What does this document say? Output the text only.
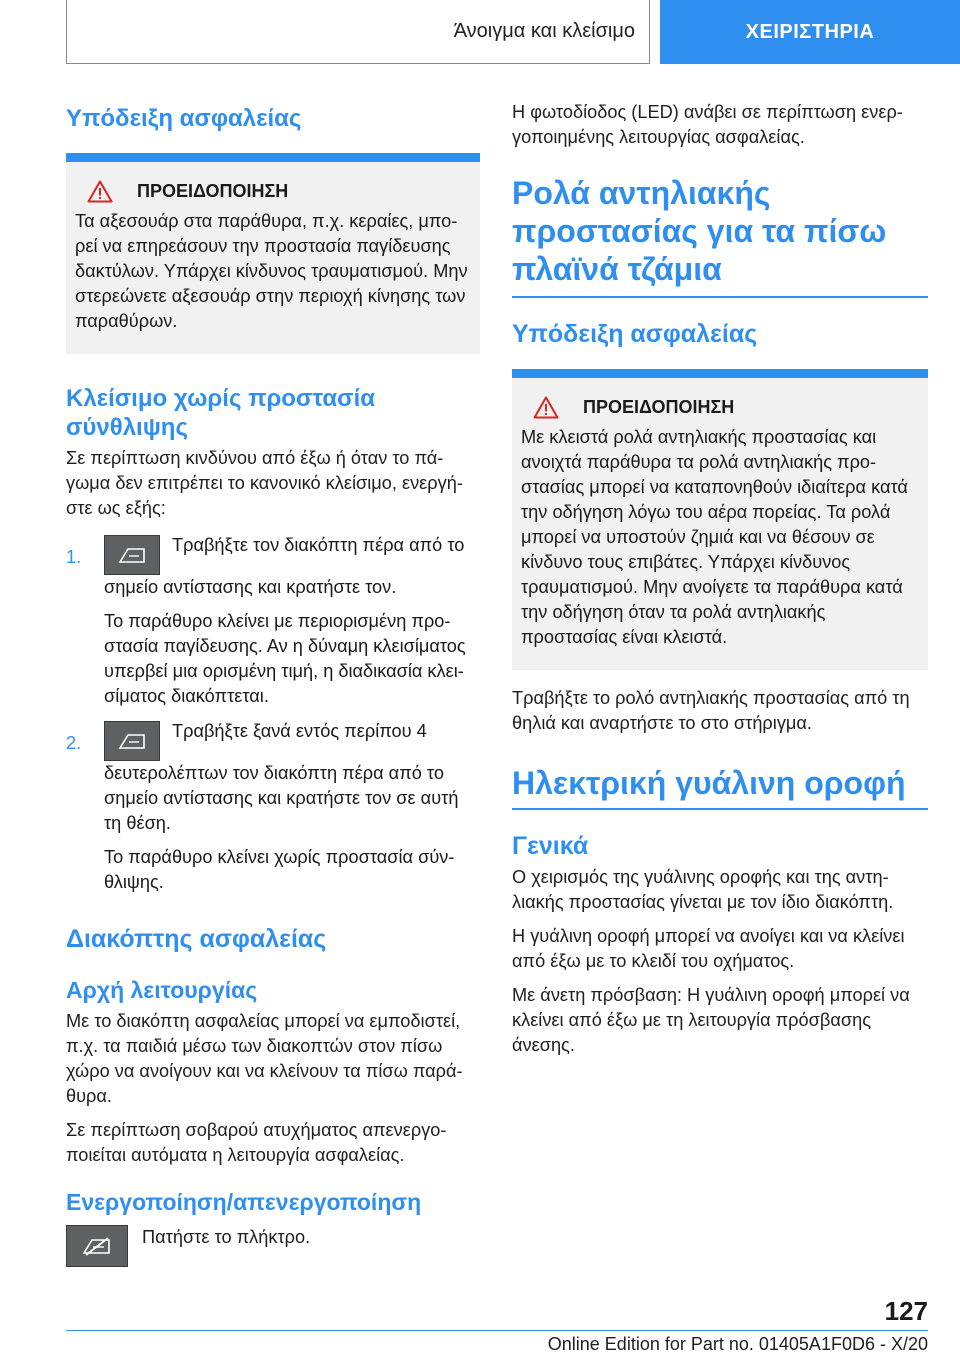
Άνοιγμα και κλείσιμο	ΧΕΙΡΙΣΤΗΡΙΑ
Υπόδειξη ασφαλείας
ΠΡΟΕΙΔΟΠΟΙΗΣΗ

Τα αξεσουάρ στα παράθυρα, π.χ. κεραίες, μπορεί να επηρεάσουν την προστασία παγίδευσης δακτύλων. Υπάρχει κίνδυνος τραυματισμού. Μην στερεώνετε αξεσουάρ στην περιοχή κίνησης των παραθύρων.

Κλείσιμο χωρίς προστασία σύνθλιψης

Σε περίπτωση κινδύνου από έξω ή όταν το πάγωμα δεν επιτρέπει το κανονικό κλείσιμο, ενεργήστε ως εξής:

1.
Τραβήξτε τον διακόπτη πέρα από το σημείο αντίστασης και κρατήστε τον.

Το παράθυρο κλείνει με περιορισμένη προστασία παγίδευσης. Αν η δύναμη κλεισίματος υπερβεί μια ορισμένη τιμή, η διαδικασία κλεισίματος διακόπτεται.

2.
Τραβήξτε ξανά εντός περίπου 4 δευτερολέπτων τον διακόπτη πέρα από το σημείο αντίστασης και κρατήστε τον σε αυτή τη θέση.

Το παράθυρο κλείνει χωρίς προστασία σύνθλιψης.

Διακόπτης ασφαλείας
Αρχή λειτουργίας

Με το διακόπτη ασφαλείας μπορεί να εμποδιστεί, π.χ. τα παιδιά μέσω των διακοπτών στον πίσω χώρο να ανοίγουν και να κλείνουν τα πίσω παράθυρα.

Σε περίπτωση σοβαρού ατυχήματος απενεργοποιείται αυτόματα η λειτουργία ασφαλείας.

Ενεργοποίηση/απενεργοποίηση

Πατήστε το πλήκτρο.

Η φωτοδίοδος (LED) ανάβει σε περίπτωση ενεργοποιημένης λειτουργίας ασφαλείας.

Ρολά αντηλιακής προστασίας για τα πίσω πλαϊνά τζάμια
Υπόδειξη ασφαλείας
ΠΡΟΕΙΔΟΠΟΙΗΣΗ

Με κλειστά ρολά αντηλιακής προστασίας και ανοιχτά παράθυρα τα ρολά αντηλιακής προστασίας μπορεί να καταπονηθούν ιδιαίτερα κατά την οδήγηση λόγω του αέρα πορείας. Τα ρολά μπορεί να υποστούν ζημιά και να θέσουν σε κίνδυνο τους επιβάτες. Υπάρχει κίνδυνος τραυματισμού. Μην ανοίγετε τα παράθυρα κατά την οδήγηση όταν τα ρολά αντηλιακής προστασίας είναι κλειστά.

Τραβήξτε το ρολό αντηλιακής προστασίας από τη θηλιά και αναρτήστε το στο στήριγμα.

Ηλεκτρική γυάλινη οροφή
Γενικά

Ο χειρισμός της γυάλινης οροφής και της αντηλιακής προστασίας γίνεται με τον ίδιο διακόπτη.

Η γυάλινη οροφή μπορεί να ανοίγει και να κλείνει από έξω με το κλειδί του οχήματος.

Με άνετη πρόσβαση: Η γυάλινη οροφή μπορεί να κλείνει από έξω με τη λειτουργία πρόσβασης άνεσης.

127
Online Edition for Part no. 01405A1F0D6 - X/20
